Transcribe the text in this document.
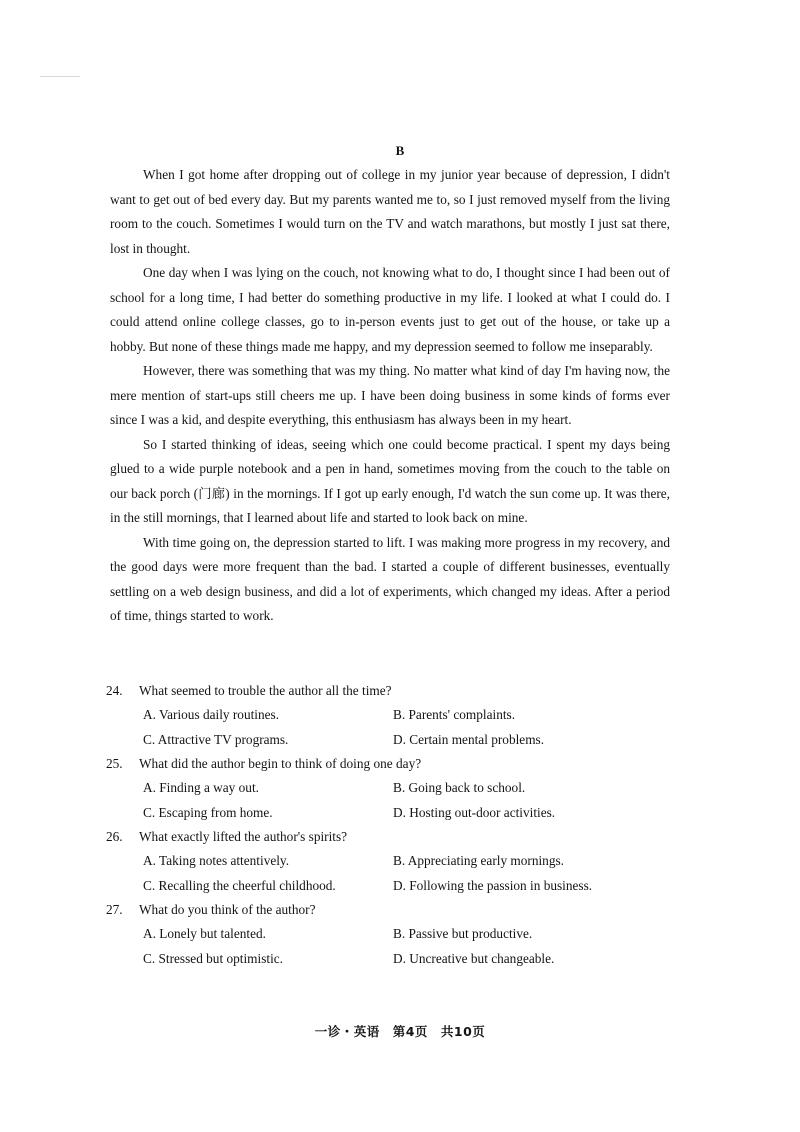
B

When I got home after dropping out of college in my junior year because of depression, I didn't want to get out of bed every day. But my parents wanted me to, so I just removed myself from the living room to the couch. Sometimes I would turn on the TV and watch marathons, but mostly I just sat there, lost in thought.

One day when I was lying on the couch, not knowing what to do, I thought since I had been out of school for a long time, I had better do something productive in my life. I looked at what I could do. I could attend online college classes, go to in-person events just to get out of the house, or take up a hobby. But none of these things made me happy, and my depression seemed to follow me inseparably.

However, there was something that was my thing. No matter what kind of day I'm having now, the mere mention of start-ups still cheers me up. I have been doing business in some kinds of forms ever since I was a kid, and despite everything, this enthusiasm has always been in my heart.

So I started thinking of ideas, seeing which one could become practical. I spent my days being glued to a wide purple notebook and a pen in hand, sometimes moving from the couch to the table on our back porch (门廊) in the mornings. If I got up early enough, I'd watch the sun come up. It was there, in the still mornings, that I learned about life and started to look back on mine.

With time going on, the depression started to lift. I was making more progress in my recovery, and the good days were more frequent than the bad. I started a couple of different businesses, eventually settling on a web design business, and did a lot of experiments, which changed my ideas. After a period of time, things started to work.

24. What seemed to trouble the author all the time?
A. Various daily routines.	B. Parents' complaints.
C. Attractive TV programs.	D. Certain mental problems.
25. What did the author begin to think of doing one day?
A. Finding a way out.	B. Going back to school.
C. Escaping from home.	D. Hosting out-door activities.
26. What exactly lifted the author's spirits?
A. Taking notes attentively.	B. Appreciating early mornings.
C. Recalling the cheerful childhood.	D. Following the passion in business.
27. What do you think of the author?
A. Lonely but talented.	B. Passive but productive.
C. Stressed but optimistic.	D. Uncreative but changeable.
一诊・英语　第4页　共10页
